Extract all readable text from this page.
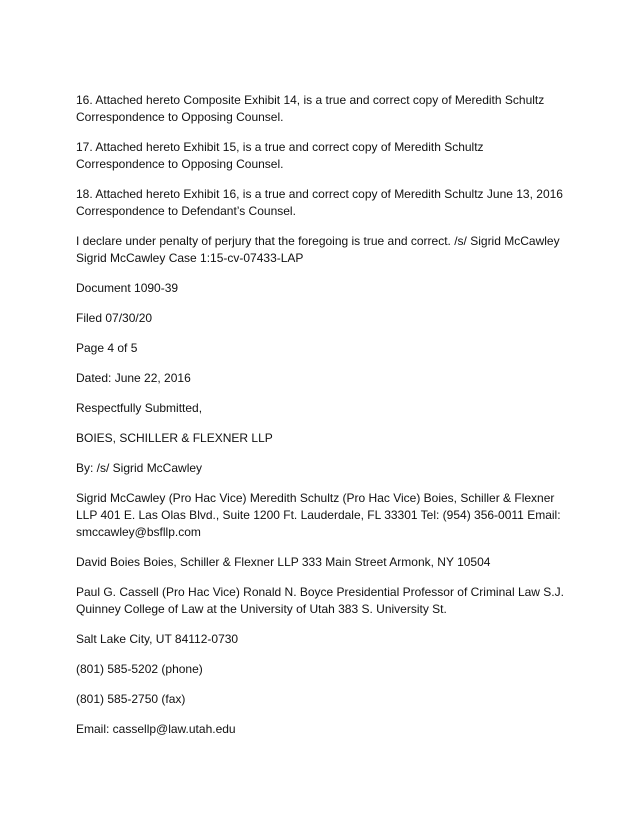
16. Attached hereto Composite Exhibit 14, is a true and correct copy of Meredith Schultz Correspondence to Opposing Counsel.

17. Attached hereto Exhibit 15, is a true and correct copy of Meredith Schultz Correspondence to Opposing Counsel.

18. Attached hereto Exhibit 16, is a true and correct copy of Meredith Schultz June 13, 2016 Correspondence to Defendant’s Counsel.

I declare under penalty of perjury that the foregoing is true and correct. /s/ Sigrid McCawley Sigrid McCawley Case 1:15-cv-07433-LAP

Document 1090-39

Filed 07/30/20

Page 4 of 5

Dated: June 22, 2016

Respectfully Submitted,

BOIES, SCHILLER & FLEXNER LLP

By: /s/ Sigrid McCawley

Sigrid McCawley (Pro Hac Vice) Meredith Schultz (Pro Hac Vice) Boies, Schiller & Flexner LLP 401 E. Las Olas Blvd., Suite 1200 Ft. Lauderdale, FL 33301 Tel: (954) 356-0011 Email: smccawley@bsfllp.com

David Boies Boies, Schiller & Flexner LLP 333 Main Street Armonk, NY 10504

Paul G. Cassell (Pro Hac Vice) Ronald N. Boyce Presidential Professor of Criminal Law S.J. Quinney College of Law at the University of Utah 383 S. University St.

Salt Lake City, UT 84112-0730

(801) 585-5202 (phone)

(801) 585-2750 (fax)

Email: cassellp@law.utah.edu
